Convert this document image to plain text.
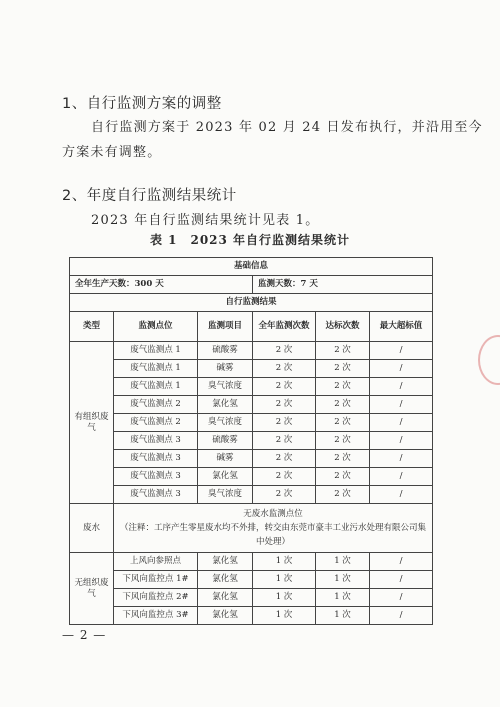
1、自行监测方案的调整
自行监测方案于 2023 年 02 月 24 日发布执行，并沿用至今
方案未有调整。
2、年度自行监测结果统计
2023 年自行监测结果统计见表 1。
表 1　2023 年自行监测结果统计
基础信息					
全年生产天数：300 天			监测天数：7 天		
自行监测结果					
类型	监测点位	监测项目	全年监测次数	达标次数	最大超标值
有组织废气	废气监测点 1	硫酸雾	2 次	2 次	/
	废气监测点 1	碱雾	2 次	2 次	/
	废气监测点 1	臭气浓度	2 次	2 次	/
	废气监测点 2	氯化氢	2 次	2 次	/
	废气监测点 2	臭气浓度	2 次	2 次	/
	废气监测点 3	硫酸雾	2 次	2 次	/
	废气监测点 3	碱雾	2 次	2 次	/
	废气监测点 3	氯化氢	2 次	2 次	/
	废气监测点 3	臭气浓度	2 次	2 次	/
废水	无废水监测点位
（注释：工序产生零星废水均不外排，转交由东莞市豪丰工业污水处理有限公司集中处理）				

无组织废气	上风向参照点	氯化氢	1 次	1 次	/
	下风向监控点 1#	氯化氢	1 次	1 次	/
	下风向监控点 2#	氯化氢	1 次	1 次	/
	下风向监控点 3#	氯化氢	1 次	1 次	/
— 2 —
